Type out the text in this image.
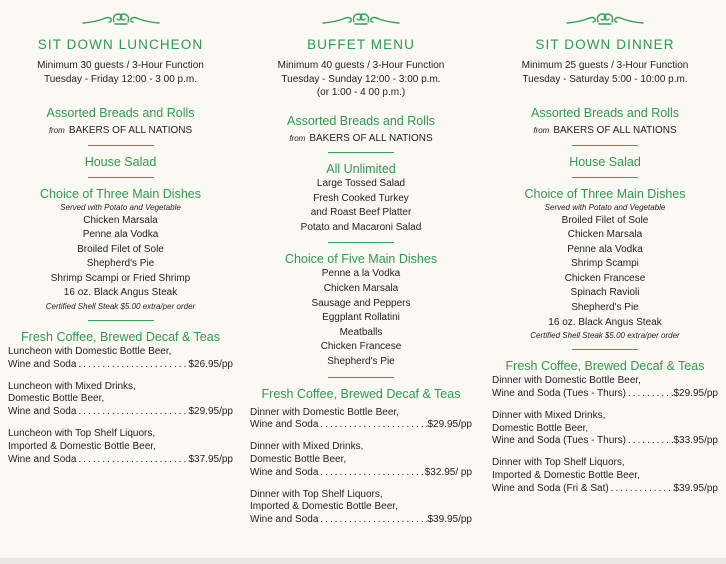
SIT DOWN LUNCHEON
Minimum 30 guests / 3-Hour Function
Tuesday - Friday 12:00 - 3 00 p.m.
Assorted Breads and Rolls
from BAKERS OF ALL NATIONS
House Salad
Choice of Three Main Dishes
Served with Potato and Vegetable
Chicken Marsala
Penne ala Vodka
Broiled Filet of Sole
Shepherd's Pie
Shrimp Scampi or Fried Shrimp
16 oz. Black Angus Steak
Certified Shell Steak $5.00 extra/per order
Fresh Coffee, Brewed Decaf & Teas
Luncheon with Domestic Bottle Beer,
Wine and Soda .....	$26.95/pp
Luncheon with Mixed Drinks,
Domestic Bottle Beer,
Wine and Soda .....	$29.95/pp
Luncheon with Top Shelf Liquors,
Imported & Domestic Bottle Beer,
Wine and Soda .....	$37.95/pp
BUFFET MENU
Minimum 40 guests / 3-Hour Function
Tuesday - Sunday 12:00 - 3:00 p.m.
(or 1:00 - 4 00 p.m.)
Assorted Breads and Rolls
from BAKERS OF ALL NATIONS
All Unlimited
Large Tossed Salad
Fresh Cooked Turkey
and Roast Beef Platter
Potato and Macaroni Salad
Choice of Five Main Dishes
Penne a la Vodka
Chicken Marsala
Sausage and Peppers
Eggplant Rollatini
Meatballs
Chicken Francese
Shepherd's Pie
Fresh Coffee, Brewed Decaf & Teas
Dinner with Domestic Bottle Beer,
Wine and Soda .....	$29.95/pp
Dinner with Mixed Drinks,
Domestic Bottle Beer,
Wine and Soda .....	$32.95/ pp
Dinner with Top Shelf Liquors,
Imported & Domestic Bottle Beer,
Wine and Soda .....	$39.95/pp
SIT DOWN DINNER
Minimum 25 guests / 3-Hour Function
Tuesday - Saturday 5:00 - 10:00 p.m.
Assorted Breads and Rolls
from BAKERS OF ALL NATIONS
House Salad
Choice of Three Main Dishes
Served with Potato and Vegetable
Broiled Filet of Sole
Chicken Marsala
Penne ala Vodka
Shrimp Scampi
Chicken Francese
Spinach Ravioli
Shepherd's Pie
16 oz. Black Angus Steak
Certified Shell Steak $5.00 extra/per order
Fresh Coffee, Brewed Decaf & Teas
Dinner with Domestic Bottle Beer,
Wine and Soda (Tues - Thurs) .....	$29.95/pp
Dinner with Mixed Drinks,
Domestic Bottle Beer,
Wine and Soda (Tues - Thurs) .....	$33.95/pp
Dinner with Top Shelf Liquors,
Imported & Domestic Bottle Beer,
Wine and Soda (Fri & Sat) .....	$39.95/pp
